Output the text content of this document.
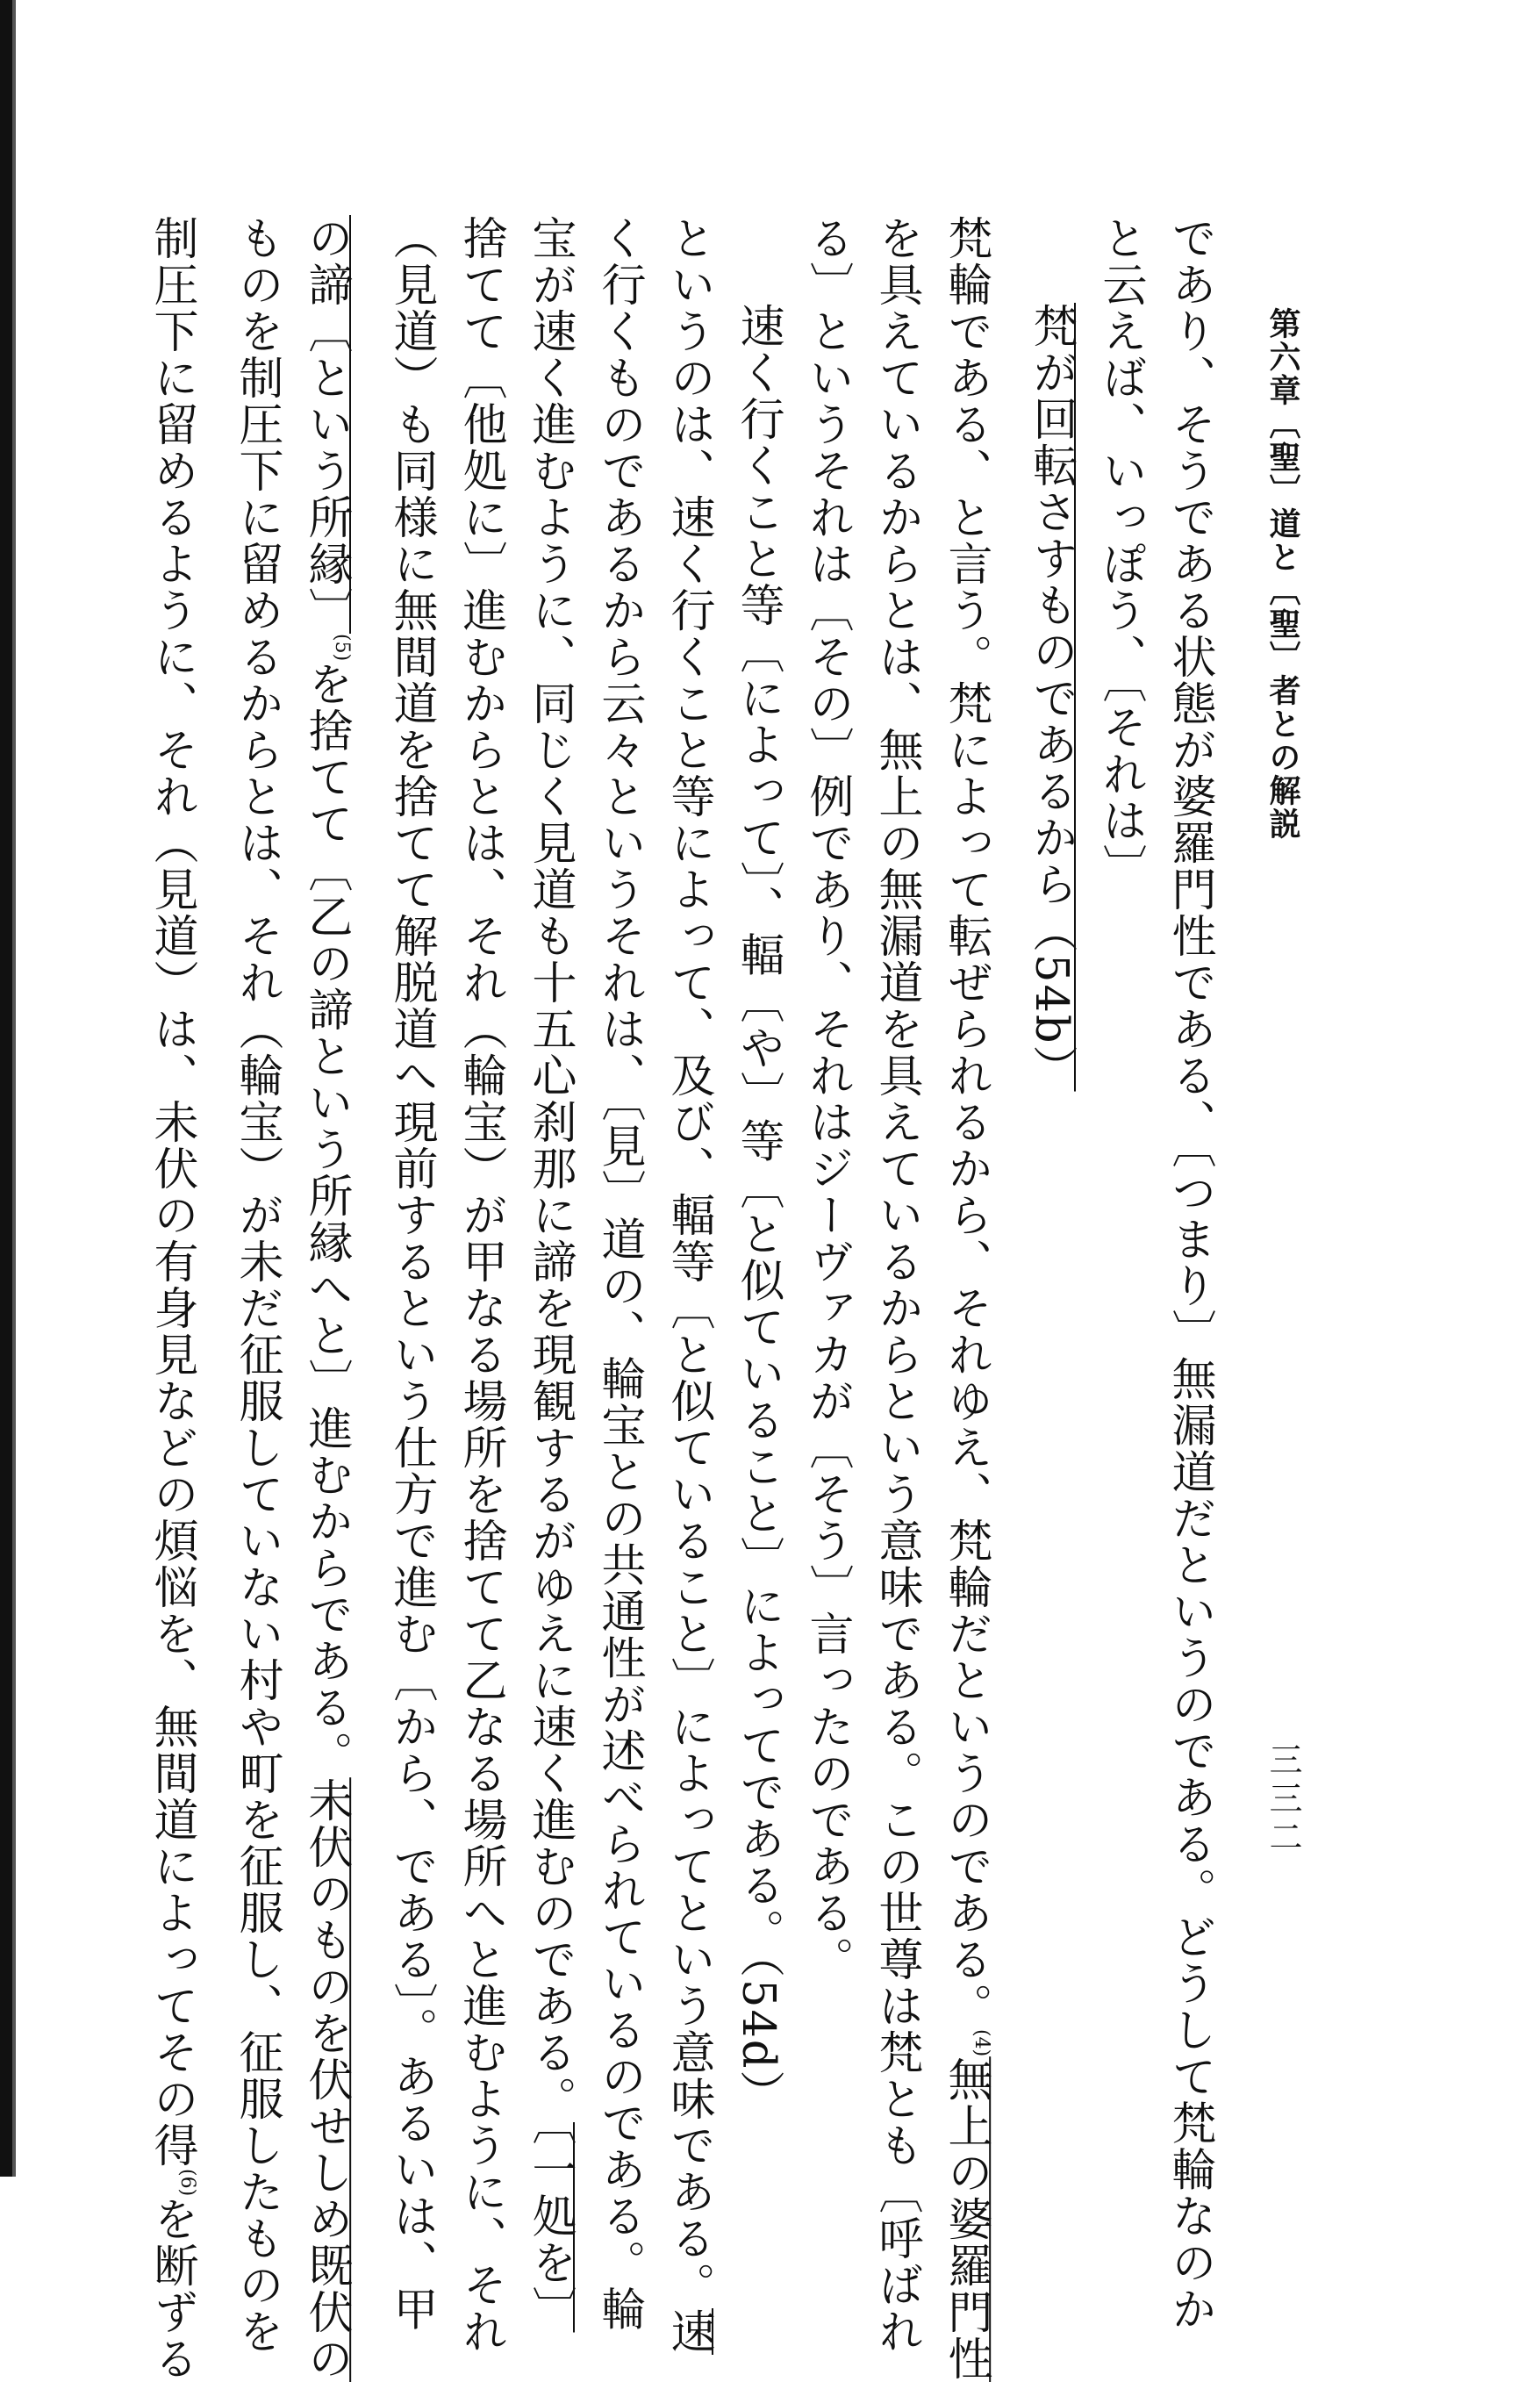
第六章〔聖〕道と〔聖〕者との解説
三三二
であり、そうである状態が婆羅門性である、〔つまり〕無漏道だというのである。どうして梵輪なのか
と云えば、いっぽう、〔それは〕
梵が回転さすものであるから（54b）
梵輪である、と言う。梵によって転ぜられるから、それゆえ、梵輪だというのである。$^{(4)}$無上の婆羅門性
を具えているからとは、無上の無漏道を具えているからという意味である。この世尊は梵とも〔呼ばれ
る〕というそれは〔その〕例であり、それはジーヴァカが〔そう〕言ったのである。
速く行くこと等〔によって〕、輻〔や〕等〔と似ていること〕によってである。（54d）
というのは、速く行くこと等によって、及び、輻等〔と似ていること〕によってという意味である。速
く行くものであるから云々というそれは、〔見〕道の、輪宝との共通性が述べられているのである。輪
宝が速く進むように、同じく見道も十五心刹那に諦を現観するがゆえに速く進むのである。〔一処を〕
捨てて〔他処に〕進むからとは、それ（輪宝）が甲なる場所を捨てて乙なる場所へと進むように、それ
（見道）も同様に無間道を捨てて解脱道へ現前するという仕方で進む〔から、である〕。あるいは、甲
の諦〔という所縁〕$^{(5)}$を捨てて〔乙の諦という所縁へと〕進むからである。未伏のものを伏せしめ既伏の
ものを制圧下に留めるからとは、それ（輪宝）が未だ征服していない村や町を征服し、征服したものを
制圧下に留めるように、それ（見道）は、未伏の有身見などの煩悩を、無間道によってその得$^{(6)}$を断ずる
